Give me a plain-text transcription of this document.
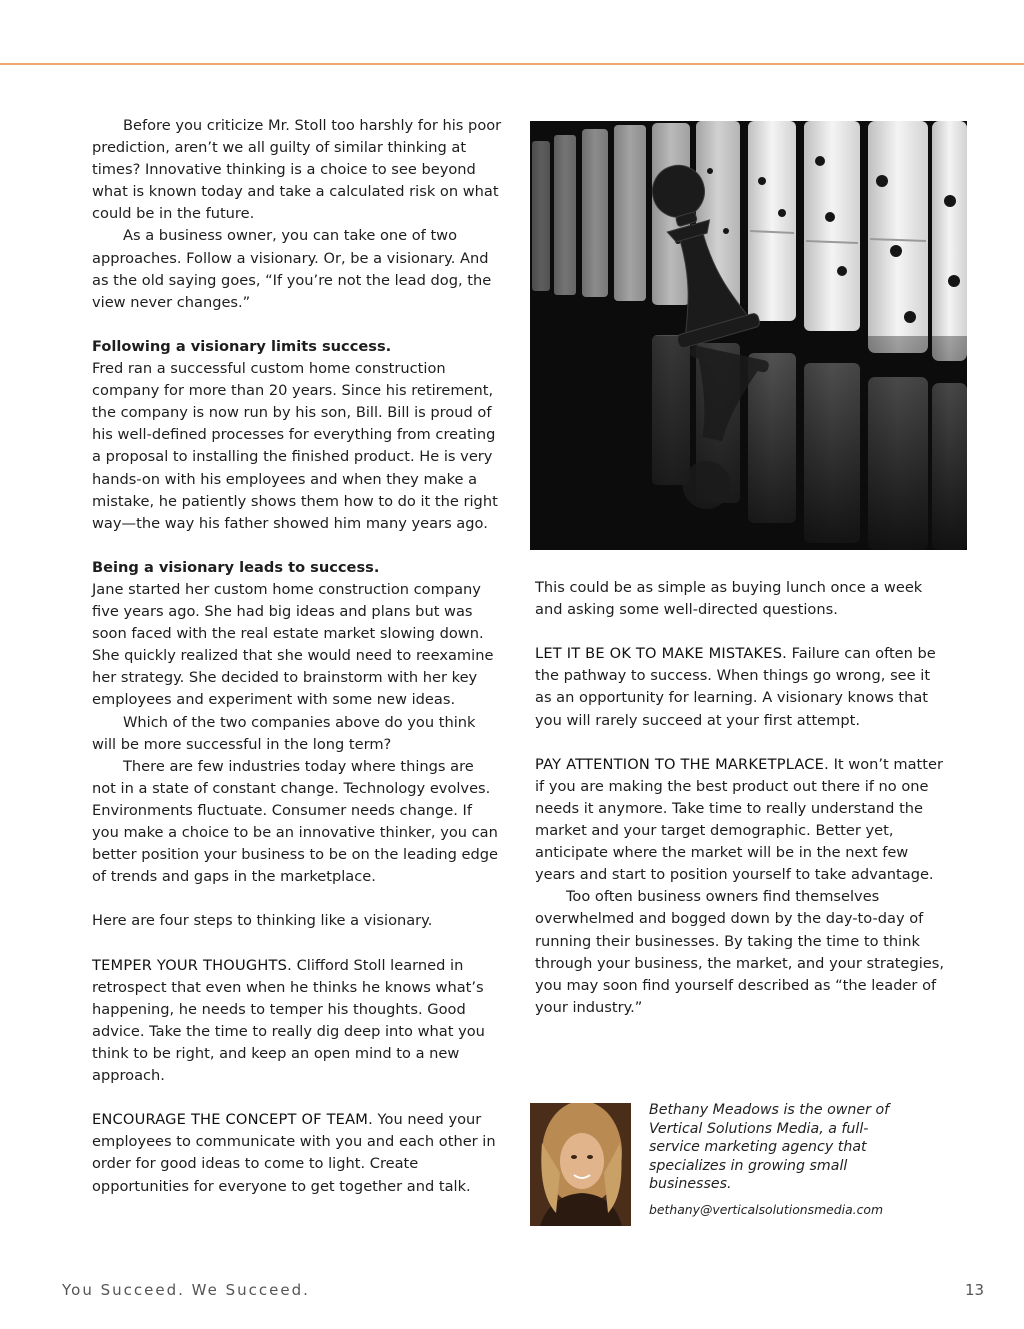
Before you criticize Mr. Stoll too harshly for his poor prediction, aren’t we all guilty of similar thinking at times? Innovative thinking is a choice to see beyond what is known today and take a calculated risk on what could be in the future.

As a business owner, you can take one of two approaches. Follow a visionary. Or, be a visionary. And as the old saying goes, “If you’re not the lead dog, the view never changes.”

Following a visionary limits success.

Fred ran a successful custom home construction company for more than 20 years. Since his retirement, the company is now run by his son, Bill. Bill is proud of his well-defined processes for everything from creating a proposal to installing the finished product. He is very hands-on with his employees and when they make a mistake, he patiently shows them how to do it the right way—the way his father showed him many years ago.

Being a visionary leads to success.

Jane started her custom home construction company five years ago. She had big ideas and plans but was soon faced with the real estate market slowing down. She quickly realized that she would need to reexamine her strategy. She decided to brainstorm with her key employees and experiment with some new ideas.

Which of the two companies above do you think will be more successful in the long term?

There are few industries today where things are not in a state of constant change. Technology evolves. Environments fluctuate. Consumer needs change. If you make a choice to be an innovative thinker, you can better position your business to be on the leading edge of trends and gaps in the marketplace.

Here are four steps to thinking like a visionary.

TEMPER YOUR THOUGHTS. Clifford Stoll learned in retrospect that even when he thinks he knows what’s happening, he needs to temper his thoughts. Good advice. Take the time to really dig deep into what you think to be right, and keep an open mind to a new approach.

ENCOURAGE THE CONCEPT OF TEAM. You need your employees to communicate with you and each other in order for good ideas to come to light. Create opportunities for everyone to get together and talk.

This could be as simple as buying lunch once a week and asking some well-directed questions.

LET IT BE OK TO MAKE MISTAKES. Failure can often be the pathway to success. When things go wrong, see it as an opportunity for learning. A visionary knows that you will rarely succeed at your first attempt.

PAY ATTENTION TO THE MARKETPLACE. It won’t matter if you are making the best product out there if no one needs it anymore. Take time to really understand the market and your target demographic. Better yet, anticipate where the market will be in the next few years and start to position yourself to take advantage.

Too often business owners find themselves overwhelmed and bogged down by the day-to-day of running their businesses. By taking the time to think through your business, the market, and your strategies, you may soon find yourself described as “the leader of your industry.”

Bethany Meadows is the owner of Vertical Solutions Media, a full-service marketing agency that specializes in growing small businesses.
bethany@verticalsolutionsmedia.com
You Succeed. We Succeed.	13
